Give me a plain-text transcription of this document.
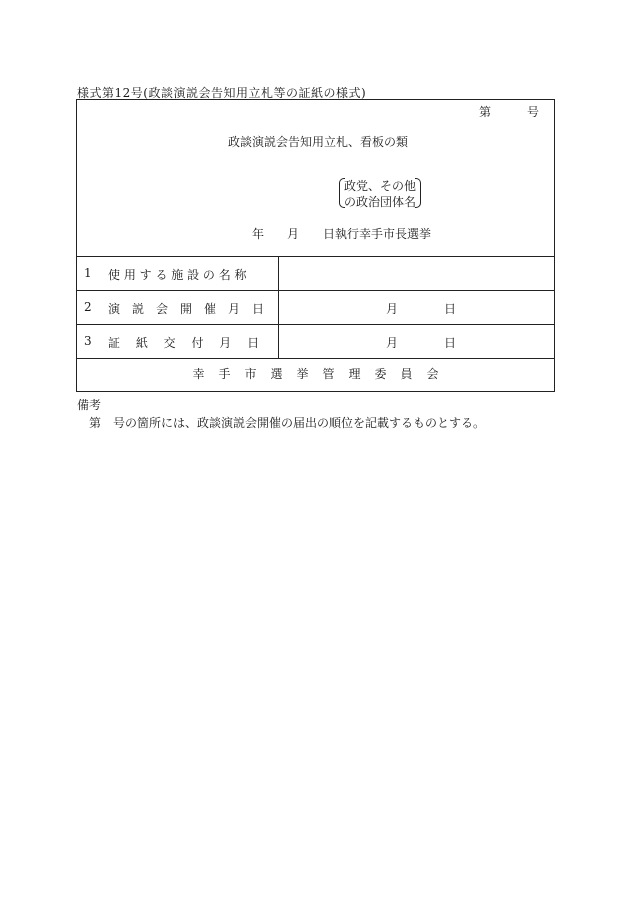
様式第12号(政談演説会告知用立札等の証紙の様式)
第	号
政談演説会告知用立札、看板の類
政党、その他
の政治団体名
年 月 日執行幸手市長選挙
1 使 用 す る 施 設 の 名 称
2 演　説　会　開　催　月　日	月	日
3 証　 紙　 交　 付　 月　 日	月	日
幸手市選挙管理委員会
備考
第　号の箇所には、政談演説会開催の届出の順位を記載するものとする。
